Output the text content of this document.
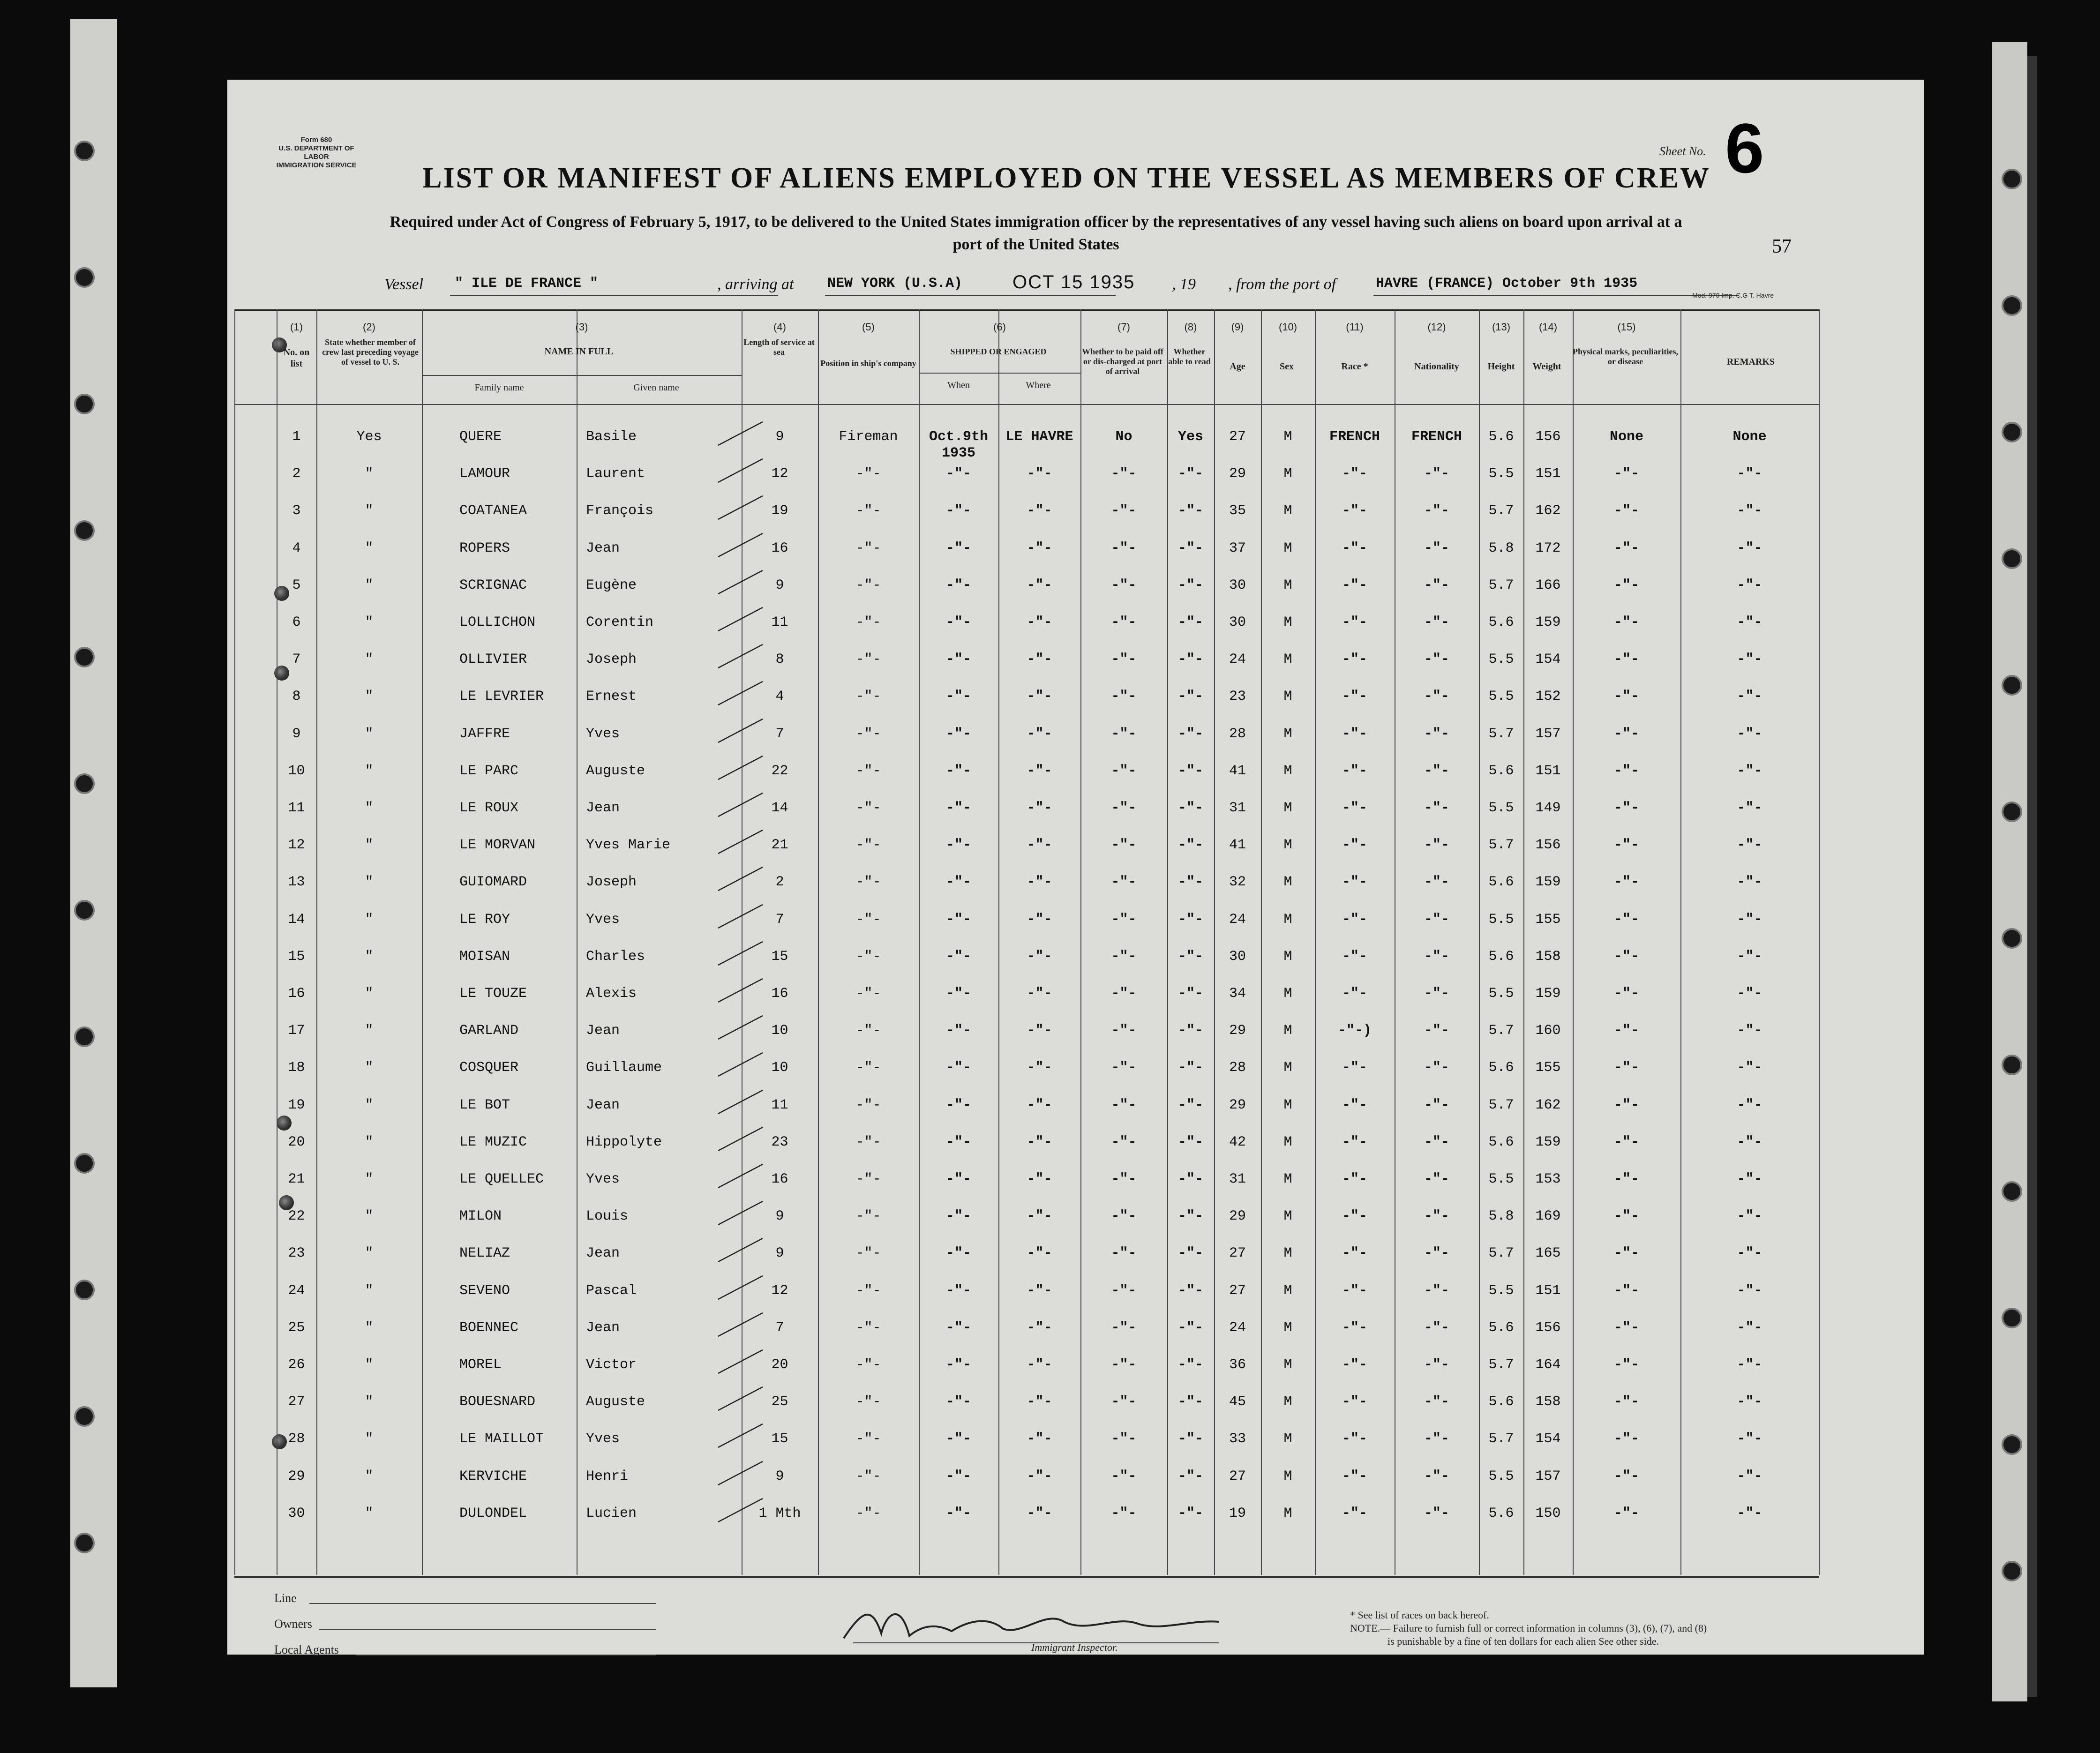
Form 680
U.S. DEPARTMENT OF LABOR
IMMIGRATION SERVICE LIST OR MANIFEST OF ALIENS EMPLOYED ON THE VESSEL AS MEMBERS OF CREW
Sheet No. 6
Required under Act of Congress of February 5, 1917, to be delivered to the United States immigration officer by the representatives of any vessel having such aliens on board upon arrival at a
port of the United States	57
Vessel " ILE DE FRANCE "	, arriving at NEW YORK (U.S.A)	OCT 15 1935 , 19 , from the port of	HAVRE (FRANCE) October 9th 1935
Mod. 970 Imp. C.G T. Havre
(1)	(2)	(3)	(4)	(5)	(6)	(7)	(8)	(9)	(10)	(11)	(12)	(13)	(14)	(15)
No. on list
State whether member of crew last preceding voyage of vessel to U. S.
NAME IN FULL
Family name	Given name
Length of service at sea
Position in ship's company
SHIPPED OR ENGAGED
When	Where
Whether to be paid off or dis-charged at port of arrival
Whether able to read	Age	Sex	Race *	Nationality	Height	Weight
Physical marks, peculiarities, or disease	REMARKS
1	Yes	QUERE	Basile	9	Fireman	Oct.9th	LE HAVRE	No	Yes	27	M	FRENCH	FRENCH	5.6	156	None	None
2	"	LAMOUR	Laurent	12	-"-	-"-	-"-	-"-	-"-	29	M	-"-	-"-	5.5	151	-"-	-"-
3	"	COATANEA	François	19	-"-	-"-	-"-	-"-	-"-	35	M	-"-	-"-	5.7	162	-"-	-"-
4	"	ROPERS	Jean	16	-"-	-"-	-"-	-"-	-"-	37	M	-"-	-"-	5.8	172	-"-	-"-
5	"	SCRIGNAC	Eugène	9	-"-	-"-	-"-	-"-	-"-	30	M	-"-	-"-	5.7	166	-"-	-"-
6	"	LOLLICHON	Corentin	11	-"-	-"-	-"-	-"-	-"-	30	M	-"-	-"-	5.6	159	-"-	-"-
7	"	OLLIVIER	Joseph	8	-"-	-"-	-"-	-"-	-"-	24	M	-"-	-"-	5.5	154	-"-	-"-
8	"	LE LEVRIER	Ernest	4	-"-	-"-	-"-	-"-	-"-	23	M	-"-	-"-	5.5	152	-"-	-"-
9	"	JAFFRE	Yves	7	-"-	-"-	-"-	-"-	-"-	28	M	-"-	-"-	5.7	157	-"-	-"-
10	"	LE PARC	Auguste	22	-"-	-"-	-"-	-"-	-"-	41	M	-"-	-"-	5.6	151	-"-	-"-
11	"	LE ROUX	Jean	14	-"-	-"-	-"-	-"-	-"-	31	M	-"-	-"-	5.5	149	-"-	-"-
12	"	LE MORVAN	Yves Marie	21	-"-	-"-	-"-	-"-	-"-	41	M	-"-	-"-	5.7	156	-"-	-"-
13	"	GUIOMARD	Joseph	2	-"-	-"-	-"-	-"-	-"-	32	M	-"-	-"-	5.6	159	-"-	-"-
14	"	LE ROY	Yves	7	-"-	-"-	-"-	-"-	-"-	24	M	-"-	-"-	5.5	155	-"-	-"-
15	"	MOISAN	Charles	15	-"-	-"-	-"-	-"-	-"-	30	M	-"-	-"-	5.6	158	-"-	-"-
16	"	LE TOUZE	Alexis	16	-"-	-"-	-"-	-"-	-"-	34	M	-"-	-"-	5.5	159	-"-	-"-
17	"	GARLAND	Jean	10	-"-	-"-	-"-	-"-	-"-	29	M	-"-)	-"-	5.7	160	-"-	-"-
18	"	COSQUER	Guillaume	10	-"-	-"-	-"-	-"-	-"-	28	M	-"-	-"-	5.6	155	-"-	-"-
19	"	LE BOT	Jean	11	-"-	-"-	-"-	-"-	-"-	29	M	-"-	-"-	5.7	162	-"-	-"-
20	"	LE MUZIC	Hippolyte	23	-"-	-"-	-"-	-"-	-"-	42	M	-"-	-"-	5.6	159	-"-	-"-
21	"	LE QUELLEC	Yves	16	-"-	-"-	-"-	-"-	-"-	31	M	-"-	-"-	5.5	153	-"-	-"-
22	"	MILON	Louis	9	-"-	-"-	-"-	-"-	-"-	29	M	-"-	-"-	5.8	169	-"-	-"-
23	"	NELIAZ	Jean	9	-"-	-"-	-"-	-"-	-"-	27	M	-"-	-"-	5.7	165	-"-	-"-
24	"	SEVENO	Pascal	12	-"-	-"-	-"-	-"-	-"-	27	M	-"-	-"-	5.5	151	-"-	-"-
25	"	BOENNEC	Jean	7	-"-	-"-	-"-	-"-	-"-	24	M	-"-	-"-	5.6	156	-"-	-"-
26	"	MOREL	Victor	20	-"-	-"-	-"-	-"-	-"-	36	M	-"-	-"-	5.7	164	-"-	-"-
27	"	BOUESNARD	Auguste	25	-"-	-"-	-"-	-"-	-"-	45	M	-"-	-"-	5.6	158	-"-	-"-
28	"	LE MAILLOT	Yves	15	-"-	-"-	-"-	-"-	-"-	33	M	-"-	-"-	5.7	154	-"-	-"-
29	"	KERVICHE	Henri	9	-"-	-"-	-"-	-"-	-"-	27	M	-"-	-"-	5.5	157	-"-	-"-
30	"	DULONDEL	Lucien	1 Mth	-"-	-"-	-"-	-"-	-"-	19	M	-"-	-"-	5.6	150	-"-	-"-
1935
Line
Owners
Local Agents	Immigrant Inspector.
* See list of races on back hereof.
NOTE.— Failure to furnish full or correct information in columns (3), (6), (7), and (8)
is punishable by a fine of ten dollars for each alien See other side.
